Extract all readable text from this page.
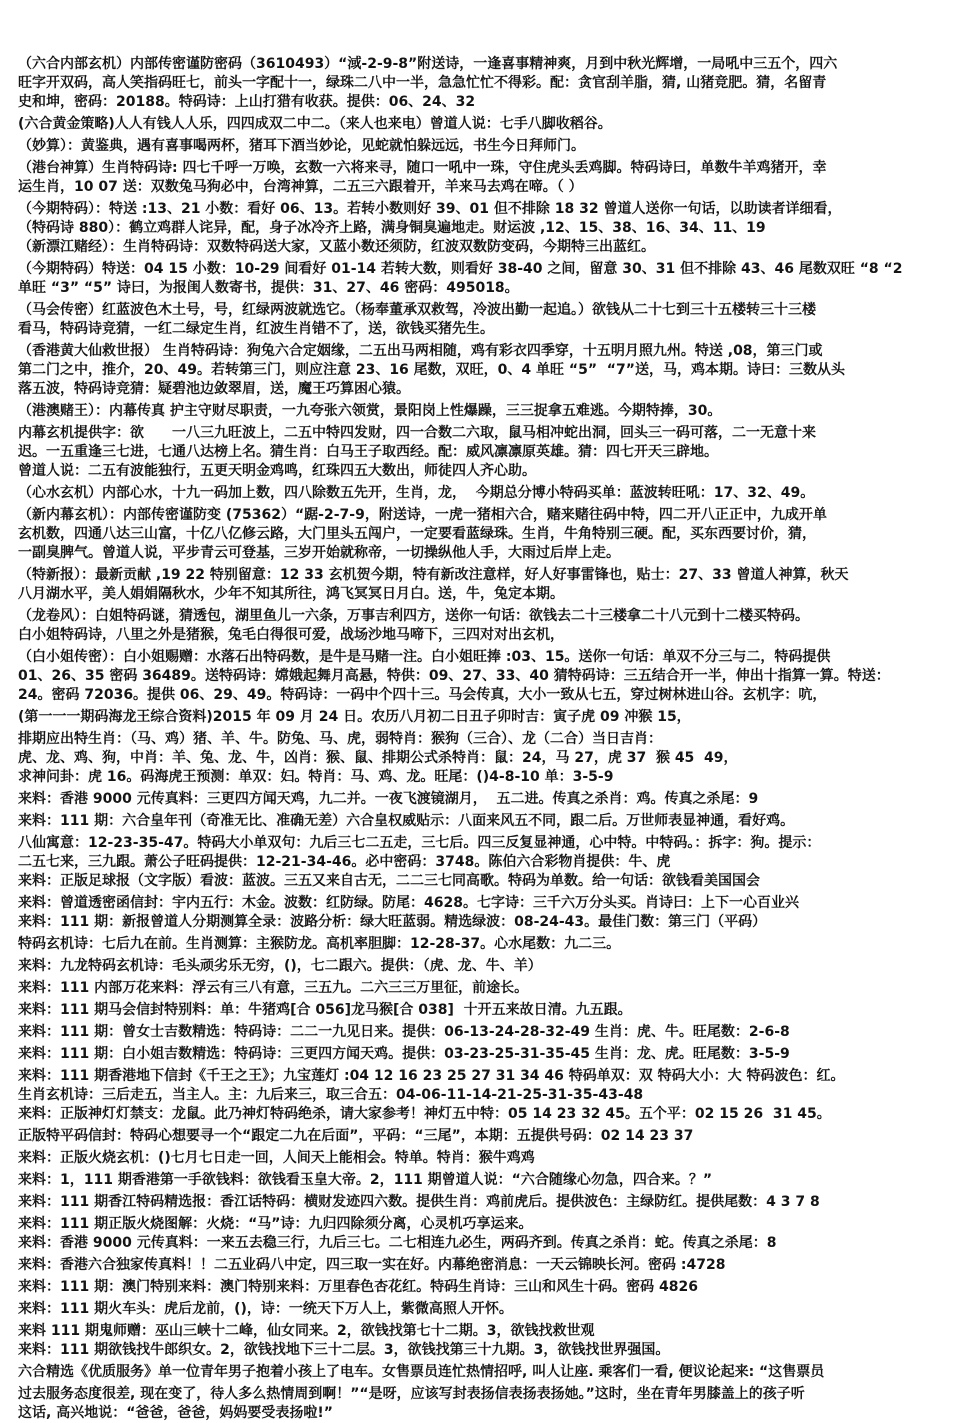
（六合内部玄机）内部传密谨防密码（3610493）“淢-2-9-8”附送诗，一逢喜事精神爽，月到中秋光辉增，一局吼中三五个，四六
旺字开双码，高人笑指码旺七，前头一字配十一，绿珠二八中一半，急急忙忙不得彩。配：贪官刮羊脂，猜, 山猪竞肥。猜，名留青
史和坤，密码：20188。特码诗：上山打猎有收获。提供：06、24、32
(六合黄金策略)人人有钱人人乐，四四成双二中二。（来人也来电）曾道人说：七手八脚收稻谷。
（妙算）：黄鉴典，遇有喜事喝两杯，猪耳下酒当妙论，见蛇就怕躲远远，书生今日拜师门。
（港台神算）生肖特码诗: 四七千呼一万唤，玄数一六将来寻，随口一吼中一珠，守住虎头丢鸡脚。特码诗曰，单数牛羊鸡猪开，幸
运生肖，10 07 送：双数兔马狗必中，台湾神算，二五三六跟着开，羊来马去鸡在啼。（ ）
（今期特码）：特送 :13、21 小数：看好 06、13。若转小数则好 39、01 但不排除 18 32 曾道人送你一句话，以助读者详细看，
（特码诗 880）：鹤立鸡群人诧异，配，身子冰冷齐上路，满身铜臭遍地走。财运波 ,12、15、38、16、34、11、19
（新漂江赌经）：生肖特码诗：双数特码送大家，又蓝小数还须防，红波双数防变码，今期特三出蓝红。
（今期特码）特送：04 15 小数：10-29 间看好 01-14 若转大数，则看好 38-40 之间，留意 30、31 但不排除 43、46 尾数双旺 “8 “2
单旺 “3” “5” 诗曰，为报闺人数寄书，提供：31、27、46 密码：495018。
（马会传密）红蓝波色木土号，号，红绿两波就选它。（杨奉董承双救驾，冷波出勤一起追。）欲钱从二十七到三十五楼转三十三楼
看马，特码诗竞猜，一红二绿定生肖，红波生肖错不了，送，欲钱买猪先生。
（香港黄大仙救世报） 生肖特码诗：狗兔六合定姻缘，二五出马两相随，鸡有彩衣四季穿，十五明月照九州。特送 ,08，第三门或
第二门之中，推介，20、49。若转第三门，则应注意 23、16 尾数，双旺，0、4 单旺 “5”  “7”送，马，鸡本期。诗曰：三数从头
落五波，特码诗竞猜：疑碧池边敛翠眉，送，魔王巧算困心猿。
（港澳赌王）：内幕传真 护主守财尽职责，一九夸张六领赏，景阳岗上性爆躁，三三捉拿五难逃。今期特捧，30。
内幕玄机提供字：欲　　一八三九旺波上，二五中特四发财，四一合数二六取，鼠马相冲蛇出洞，回头三一码可落，二一无意十来
迟。一五重逢三七进，七通八达榜上名。猜生肖：白马王子取西经。配：威风凛凛原英雄。猜：四七开天三辟地。
曾道人说：二五有波能独行，五更天明金鸡鸣，红珠四五大数出，师徒四人齐心助。
（心水玄机）内部心水，十九一码加上数，四八除数五先开，生肖，龙，  今期总分博小特码买单：蓝波转旺吼：17、32、49。
（新内幕玄机）：内部传密谨防变 (75362）“踞-2-7-9，附送诗，一虎一猪相六合，赌来赌往码中特，四二开八正正中，九成开单
玄机数，四通八达三山富，十亿八亿修云路，大门里头五闯户，一定要看蓝绿珠。生肖，牛角特别三硬。配，买东西要讨价，猜，
一副臭脾气。曾道人说，平步青云可登基，三岁开始就称帝，一切操纵他人手，大雨过后岸上走。
（特新报）：最新贡献 ,19 22 特别留意：12 33 玄机贺今期，特有新改注意样，好人好事雷锋也，贴士：27、33 曾道人神算，秋天
八月湖水平，美人娟娟隔秋水，少年不知其所往，鸿飞冥冥日月白。送，牛，兔定本期。
（龙卷风）：白姐特码谜，猜透包，湖里鱼儿一六条，万事吉利四方，送你一句话：欲钱去二十三楼拿二十八元到十二楼买特码。
白小姐特码诗，八里之外是猪猴，兔毛白得很可爱，战场沙地马啼下，三四对对出玄机，
（白小姐传密）：白小姐赐赠：水落石出特码数，是牛是马赌一注。白小姐旺捧 :03、15。送你一句话：单双不分三与二，特码提供
01、26、35 密码 36489。送特码诗：嫦娥起舞月高悬，特供：09、27、33、40 猜特码诗：三五结合开一半，伸出十指算一算。特送：
24。密码 72036。提供 06、29、49。特码诗：一码中个四十三。马会传真，大小一致从七五，穿过树林进山谷。玄机字：吭，
(第一一一期码海龙王综合资料)2015 年 09 月 24 日。农历八月初二日丑子卯时吉：寅子虎 09 冲猴 15，
排期应出特生肖：（马、鸡）猪、羊、牛。防兔、马、虎，弱特肖：猴狗（三合）、龙（二合）当日吉肖：
虎、龙、鸡、狗，中肖：羊、兔、龙、牛，凶肖：猴、鼠、排期公式杀特肖：鼠：24，马 27，虎 37  猴 45  49，
求神问卦：虎 16。码海虎王预测：单双：妇。特肖：马、鸡、龙。旺尾：()4-8-10 单：3-5-9
来料：香港 9000 元传真料：三更四方闻天鸡，九二并。一夜飞渡镜湖月，  五二进。传真之杀肖：鸡。传真之杀尾：9
来料：111 期：六合皇年刊（奇准无比、准确无差）六合皇权威贴示：八面来风五不同，跟二后。万世师表显神通，看好鸡。
八仙寓意：12-23-35-47。特码大小单双句：九后三七二五走，三七后。四三反复显神通，心中特。中特码。：拆字：狗。提示：
二五七来，三九跟。萧公子旺码提供：12-21-34-46。必中密码：3748。陈伯六合彩物肖提供：牛、虎
来料：正版足球报（文字版）看波：蓝波。三五又来自古无，二二三七同高歌。特码为单数。给一句话：欲钱看美国国会
来料：曾道透密函信封：宇内五行：木金。波数：红防绿。防尾：4628。七字诗：三千六万分头买。肖诗曰：上下一心百业兴
来料：111 期：新报曾道人分期测算全录：波路分析：绿大旺蓝弱。精选绿波：08-24-43。最佳门数：第三门（平码）
特码玄机诗：七后九在前。生肖测算：主猴防龙。高机率胆脚：12-28-37。心水尾数：九二三。
来料：九龙特码玄机诗：毛头顽劣乐无穷，()，七二跟六。提供：（虎、龙、牛、羊）
来料：111 内部万花来料：浮云有三八有意，三五九。二六三三万里征，前途长。
来料：111 期马会信封特别料：单：牛猪鸡[合 056]龙马猴[合 038]  十开五来故日清。九五跟。
来料：111 期：曾女士吉数精选：特码诗：二二一九见日来。提供：06-13-24-28-32-49 生肖：虎、牛。旺尾数：2-6-8
来料：111 期：白小姐吉数精选：特码诗：三更四方闻天鸡。提供：03-23-25-31-35-45 生肖：龙、虎。旺尾数：3-5-9
来料：111 期香港地下信封《千王之王》；九宝莲灯 :04 12 16 23 25 27 31 34 46 特码单双：双 特码大小：大 特码波色：红。
生肖玄机诗：三后走五，当主人。主：九后来三，取三合五：04-06-11-14-21-25-31-35-43-48
来料：正版神灯灯禁支：龙鼠。此乃神灯特码绝杀，请大家参考！神灯五中特：05 14 23 32 45。五个平：02 15 26  31 45。
正版特平码信封：特码心想要寻一个“跟定二九在后面”，平码：“三尾”，本期：五提供号码：02 14 23 37
来料：正版火烧玄机：()七月七日走一回，人间天上能相会。特单。特肖：猴牛鸡鸡
来料：1，111 期香港第一手欲钱料：欲钱看玉皇大帝。2，111 期曾道人说：“六合随缘心勿急，四合来。？”
来料：111 期香江特码精选报：香江话特码：横财发迹四六数。提供生肖：鸡前虎后。提供波色：主绿防红。提供尾数：4 3 7 8
来料：111 期正版火烧图解：火烧：“马”诗：九归四除须分离，心灵机巧享运来。
来料：香港 9000 元传真料：一来五去稳三行，九后三七。二七相连九必生，两码齐到。传真之杀肖：蛇。传真之杀尾：8
来料：香港六合独家传真料！！二五业码八中定，四三取一实在好。内幕绝密消息：一天云锦映长河。密码 :4728
来料：111 期：澳门特别来料：澳门特别来料：万里春色杏花红。特码生肖诗：三山和风生十码。密码 4826
来料：111 期火车头：虎后龙前，()，诗：一统天下万人上，紫微高照人开怀。
来料 111 期鬼师赠：巫山三峡十二峰，仙女同来。2，欲钱找第七十二期。3，欲钱找救世观
来料：111 期欲钱找牛郎织女。2，欲钱找地下三十二层。3，欲钱找第三十九期。3，欲钱找世界强国。
六合精选《优质服务》单一位青年男子抱着小孩上了电车。女售票员连忙热情招呼, 叫人让座. 乘客们一看, 便议论起来: “这售票员
过去服务态度很差, 现在变了，待人多么热情周到啊！”“是呀，应该写封表扬信表扬表扬她。”这时，坐在青年男膝盖上的孩子听
这话, 高兴地说：“爸爸，爸爸，妈妈要受表扬啦!”
